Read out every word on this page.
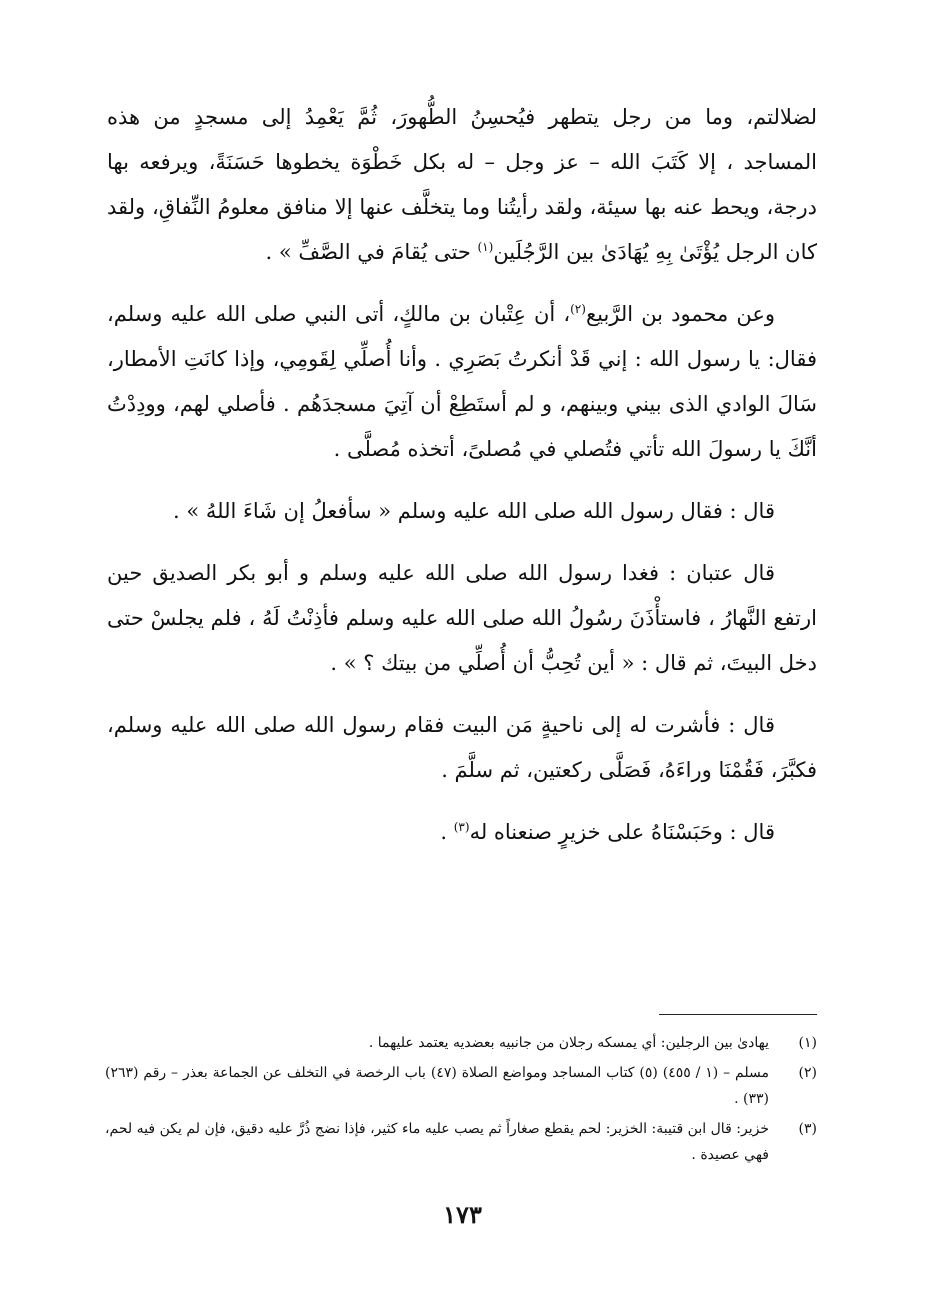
لضلالتم، وما من رجل يتطهر فيُحسِنُ الطُّهورَ، ثُمَّ يَعْمِدُ إلى مسجدٍ من هذه المساجد ، إلا كَتَبَ الله – عز وجل – له بكل خَطْوَة يخطوها حَسَنَةً، ويرفعه بها درجة، ويحط عنه بها سيئة، ولقد رأيتُنا وما يتخلَّف عنها إلا منافق معلومُ النِّفاقِ، ولقد كان الرجل يُؤْتَىٰ بِهِ يُهَادَىٰ بين الرَّجُلَين$^{(١)}$ حتى يُقامَ في الصَّفِّ » .

وعن محمود بن الرَّبيع$^{(٢)}$، أن عِتْبان بن مالكٍ، أتى النبي صلى الله عليه وسلم، فقال: يا رسول الله : إني قَدْ أنكرتُ بَصَرِي . وأنا أُصلِّي لِقَومِي، وإذا كانَتِ الأمطار، سَالَ الوادي الذى بيني وبينهم، و لم أستَطِعْ أن آتِيَ مسجدَهُم . فأصلي لهم، وودِدْتُ أنَّكَ يا رسولَ الله تأتي فتُصلي في مُصلىً، أتخذه مُصلَّى .

قال : فقال رسول الله صلى الله عليه وسلم « سأفعلُ إن شَاءَ اللهُ » .

قال عتبان : فغدا رسول الله صلى الله عليه وسلم و أبو بكر الصديق حين ارتفع النَّهارُ ، فاستأْذَنَ رسُولُ الله صلى الله عليه وسلم فأذِنْتُ لَهُ ، فلم يجلسْ حتى دخل البيتَ، ثم قال : « أين تُحِبُّ أن أُصلِّي من بيتك ؟ » .

قال : فأشرت له إلى ناحيةٍ مَن البيت فقام رسول الله صلى الله عليه وسلم، فكبَّرَ، فَقُمْنَا وراءَهُ، فَصَلَّى ركعتين، ثم سلَّمَ .

قال : وحَبَسْنَاهُ على خزيرٍ صنعناه له$^{(٣)}$ .

(١)
يهادىٰ بين الرجلين: أي يمسكه رجلان من جانبيه بعضديه يعتمد عليهما .
(٢)
مسلم – (١ / ٤٥٥) (٥) كتاب المساجد ومواضع الصلاة (٤٧) باب الرخصة في التخلف عن الجماعة بعذر – رقم (٢٦٣) (٣٣) .
(٣)
خزير: قال ابن قتيبة: الخزير: لحم يقطع صغاراً ثم يصب عليه ماء كثير، فإذا نضج ذُرَّ عليه دقيق، فإن لم يكن فيه لحم، فهي عصيدة .
١٧٣
